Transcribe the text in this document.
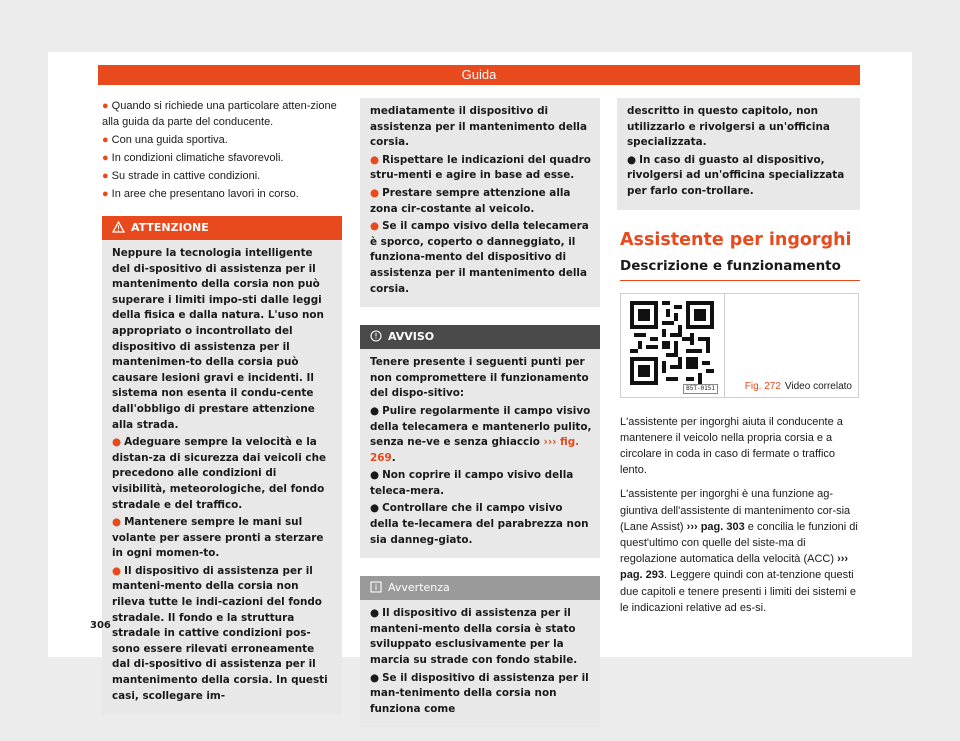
Guida

● Quando si richiede una particolare atten-zione alla guida da parte del conducente.

● Con una guida sportiva.

● In condizioni climatiche sfavorevoli.

● Su strade in cattive condizioni.

● In aree che presentano lavori in corso.

ATTENZIONE

Neppure la tecnologia intelligente del di-spositivo di assistenza per il mantenimento della corsia non può superare i limiti impo-sti dalle leggi della fisica e dalla natura. L'uso non appropriato o incontrollato del dispositivo di assistenza per il mantenimen-to della corsia può causare lesioni gravi e incidenti. Il sistema non esenta il condu-cente dall'obbligo di prestare attenzione alla strada.

● Adeguare sempre la velocità e la distan-za di sicurezza dai veicoli che precedono alle condizioni di visibilità, meteorologiche, del fondo stradale e del traffico.

● Mantenere sempre le mani sul volante per assere pronti a sterzare in ogni momen-to.

● Il dispositivo di assistenza per il manteni-mento della corsia non rileva tutte le indi-cazioni del fondo stradale. Il fondo e la struttura stradale in cattive condizioni pos-sono essere rilevati erroneamente dal di-spositivo di assistenza per il mantenimento della corsia. In questi casi, scollegare im-

mediatamente il dispositivo di assistenza per il mantenimento della corsia.

● Rispettare le indicazioni del quadro stru-menti e agire in base ad esse.

● Prestare sempre attenzione alla zona cir-costante al veicolo.

● Se il campo visivo della telecamera è sporco, coperto o danneggiato, il funziona-mento del dispositivo di assistenza per il mantenimento della corsia.

AVVISO

Tenere presente i seguenti punti per non compromettere il funzionamento del dispo-sitivo:

● Pulire regolarmente il campo visivo della telecamera e mantenerlo pulito, senza ne-ve e senza ghiaccio ››› fig. 269.

● Non coprire il campo visivo della teleca-mera.

● Controllare che il campo visivo della te-lecamera del parabrezza non sia danneg-giato.

Avvertenza

● Il dispositivo di assistenza per il manteni-mento della corsia è stato sviluppato esclusivamente per la marcia su strade con fondo stabile.

● Se il dispositivo di assistenza per il man-tenimento della corsia non funziona come

descritto in questo capitolo, non utilizzarlo e rivolgersi a un'officina specializzata.

● In caso di guasto al dispositivo, rivolgersi ad un'officina specializzata per farlo con-trollare.

Assistente per ingorghi
Descrizione e funzionamento
B5T-0151	Fig. 272 Video correlato

L'assistente per ingorghi aiuta il conducente a mantenere il veicolo nella propria corsia e a circolare in coda in caso di fermate o traffico lento.

L'assistente per ingorghi è una funzione ag-giuntiva dell'assistente di mantenimento cor-sia (Lane Assist) ››› pag. 303 e concilia le funzioni di quest'ultimo con quelle del siste-ma di regolazione automatica della velocità (ACC) ››› pag. 293. Leggere quindi con at-tenzione questi due capitoli e tenere presenti i limiti dei sistemi e le indicazioni relative ad es-si.

306
